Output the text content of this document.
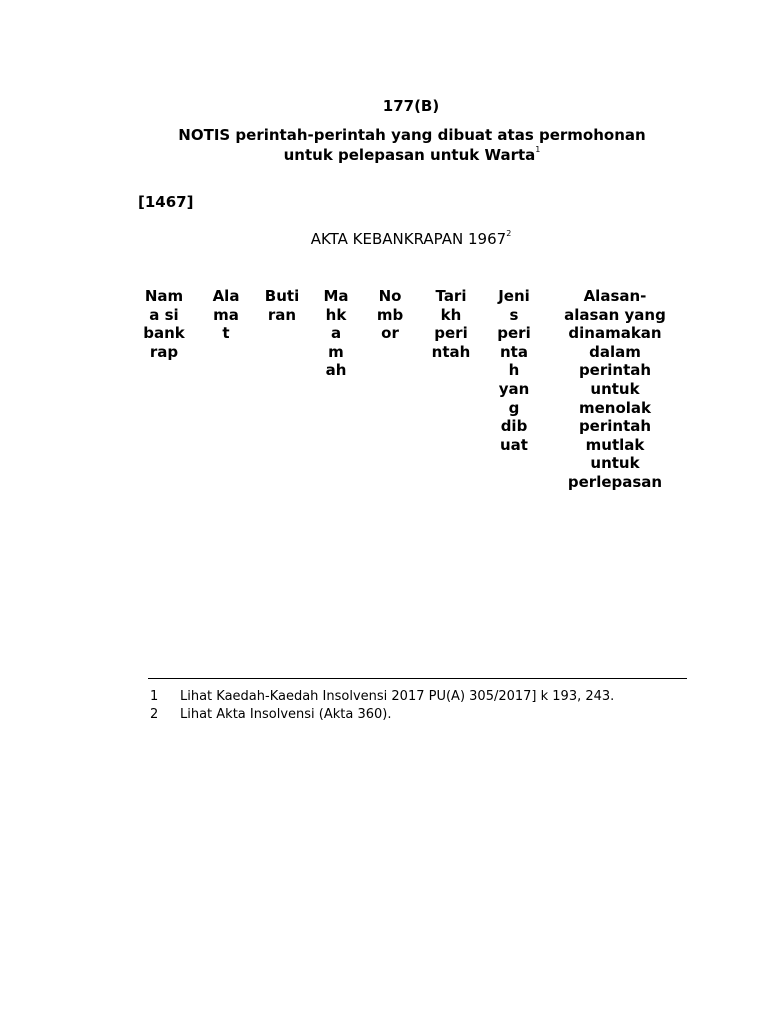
177(B)

NOTIS perintah-perintah yang dibuat atas permohonan
untuk pelepasan untuk Warta$^1$

[1467]

AKTA KEBANKRAPAN 1967$^2$

Nam
a si
bank
rap
Ala
ma
t
Buti
ran
Ma
hk
a
m
ah
No
mb
or
Tari
kh
peri
ntah
Jeni
s
peri
nta
h
yan
g
dib
uat
Alasan-
alasan yang
dinamakan
dalam
perintah
untuk
menolak
perintah
mutlak
untuk
perlepasan
1	Lihat Kaedah-Kaedah Insolvensi 2017 PU(A) 305/2017] k 193, 243.
2	Lihat Akta Insolvensi (Akta 360).
